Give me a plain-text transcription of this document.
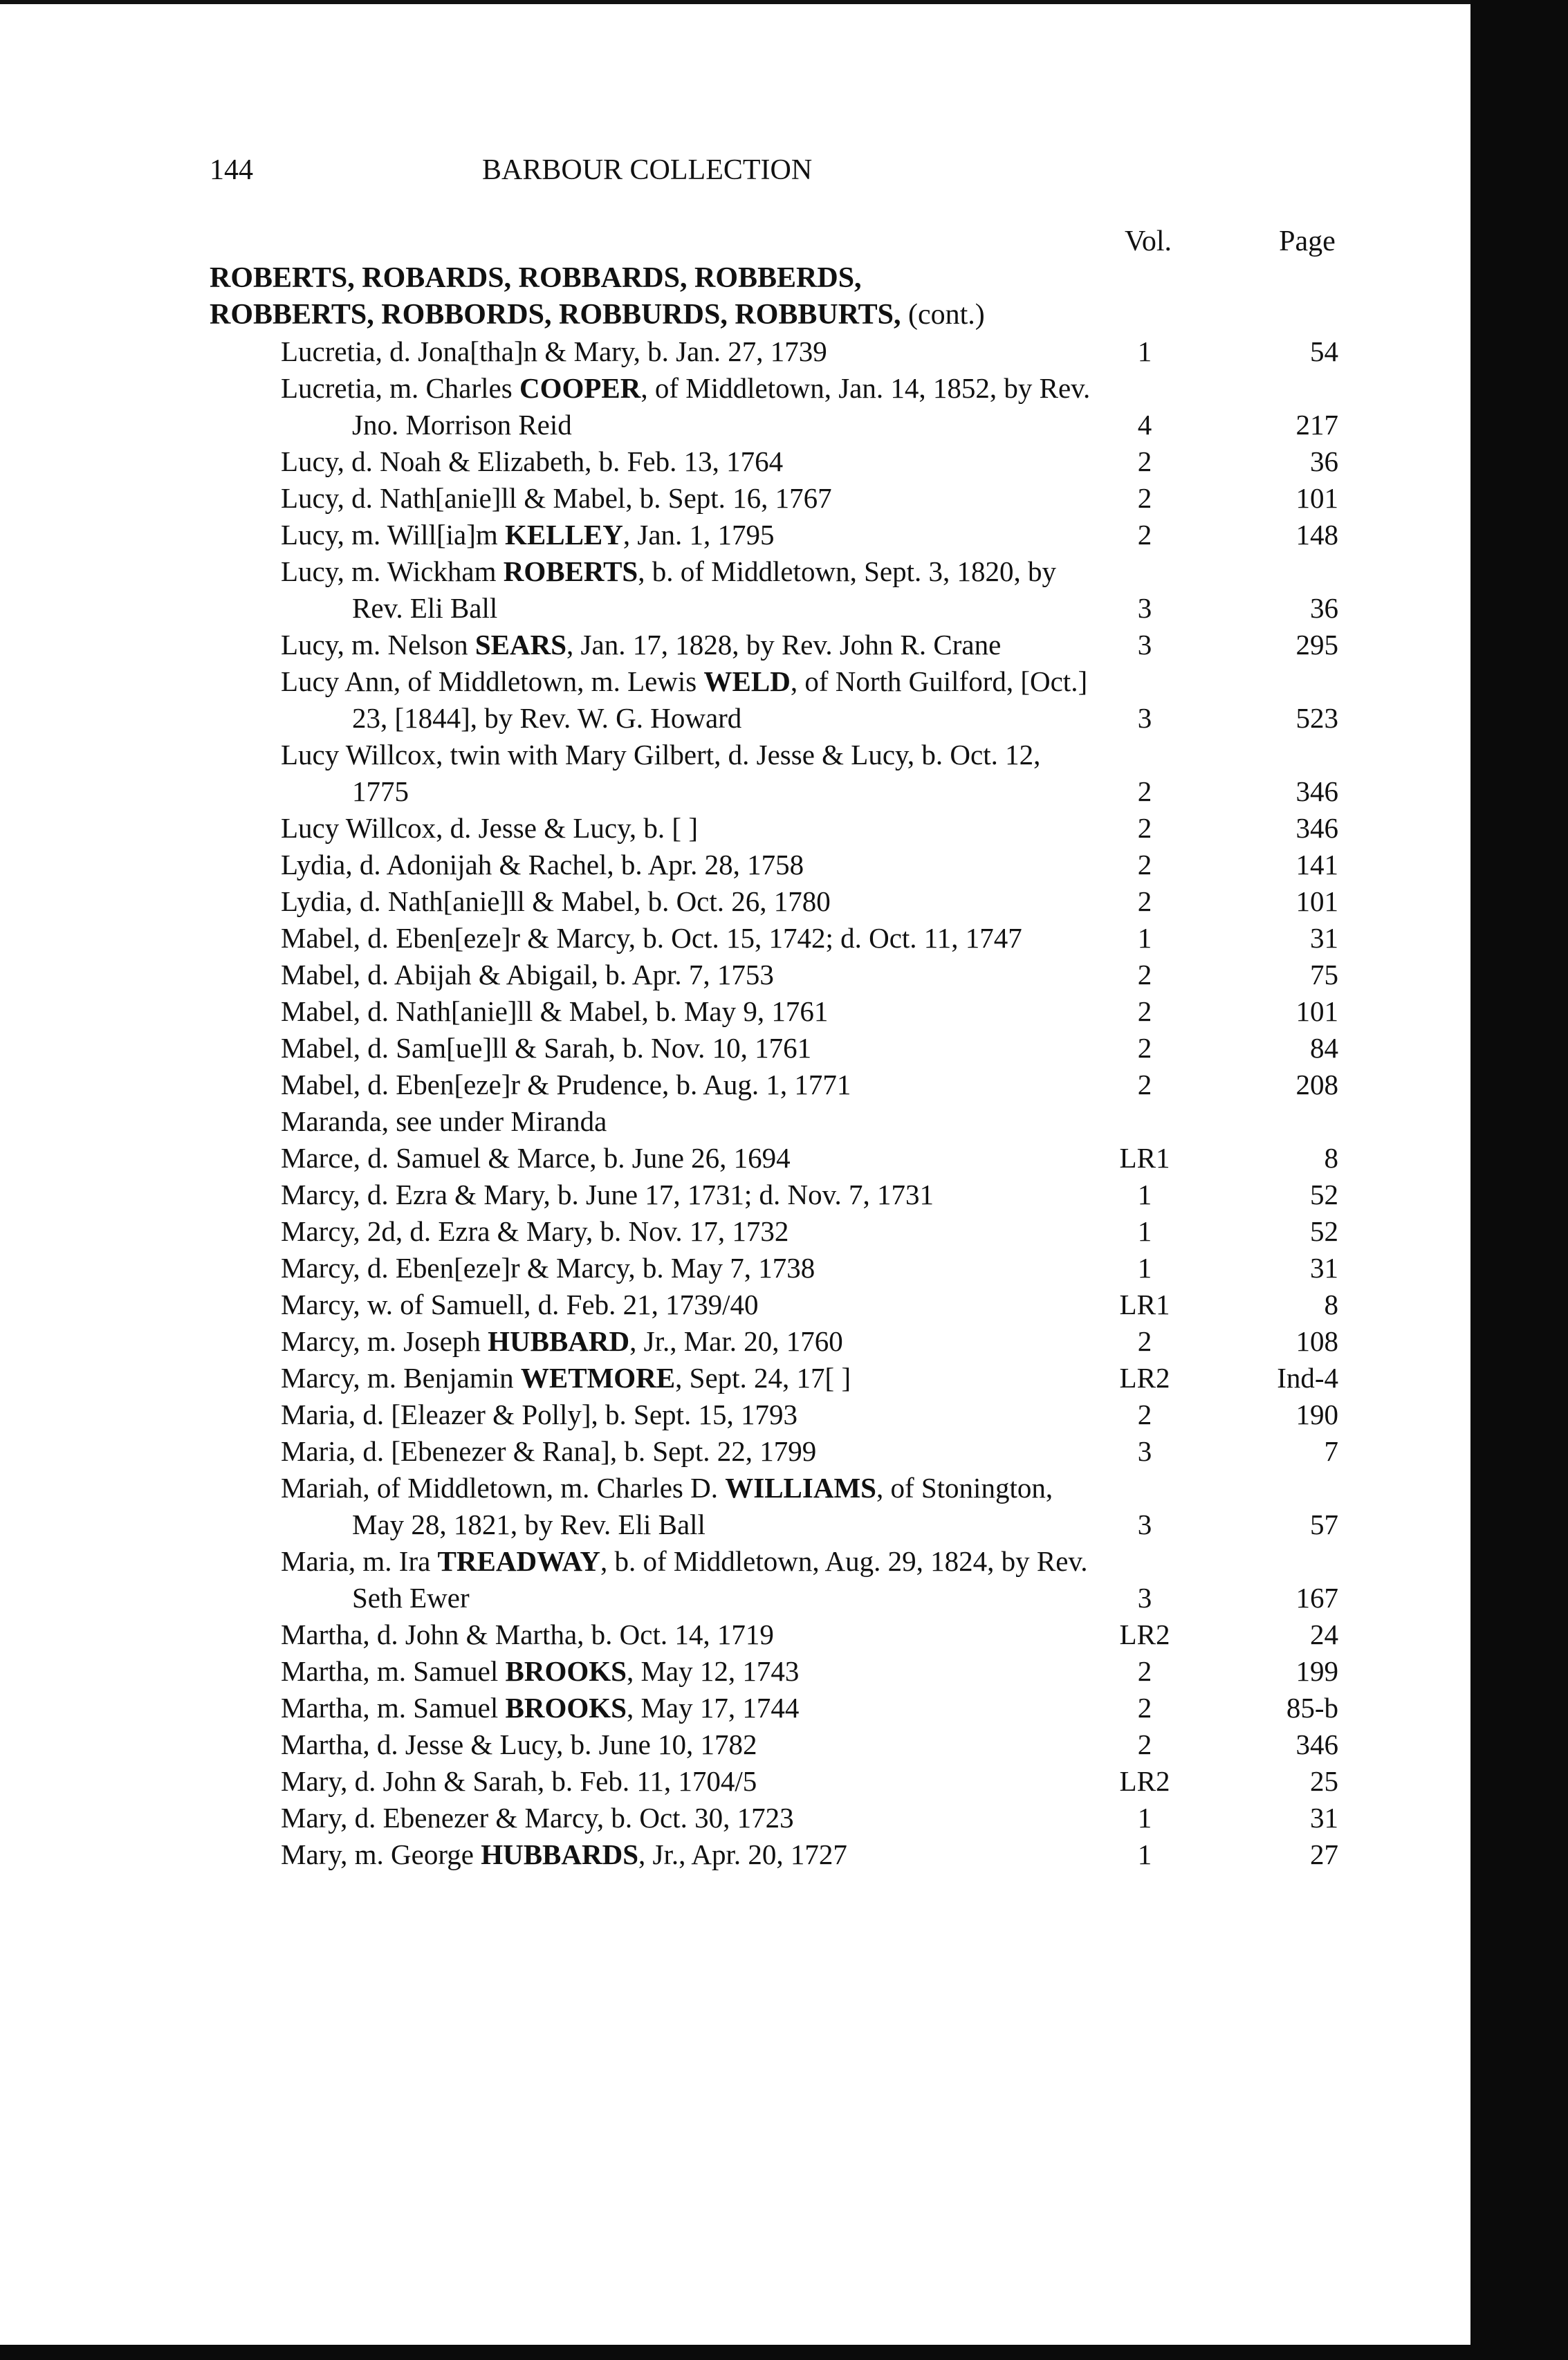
144	BARBOUR COLLECTION
Vol.	Page
ROBERTS, ROBARDS, ROBBARDS, ROBBERDS,
ROBBERTS, ROBBORDS, ROBBURDS, ROBBURTS, (cont.)
Lucretia, d. Jona[tha]n & Mary, b. Jan. 27, 1739	1	54
Lucretia, m. Charles COOPER, of Middletown, Jan. 14, 1852, by Rev. Jno. Morrison Reid	4	217
Lucy, d. Noah & Elizabeth, b. Feb. 13, 1764	2	36
Lucy, d. Nath[anie]ll & Mabel, b. Sept. 16, 1767	2	101
Lucy, m. Will[ia]m KELLEY, Jan. 1, 1795	2	148
Lucy, m. Wickham ROBERTS, b. of Middletown, Sept. 3, 1820, by Rev. Eli Ball	3	36
Lucy, m. Nelson SEARS, Jan. 17, 1828, by Rev. John R. Crane	3	295
Lucy Ann, of Middletown, m. Lewis WELD, of North Guilford, [Oct.] 23, [1844], by Rev. W. G. Howard	3	523
Lucy Willcox, twin with Mary Gilbert, d. Jesse & Lucy, b. Oct. 12, 1775	2	346
Lucy Willcox, d. Jesse & Lucy, b. [ ]	2	346
Lydia, d. Adonijah & Rachel, b. Apr. 28, 1758	2	141
Lydia, d. Nath[anie]ll & Mabel, b. Oct. 26, 1780	2	101
Mabel, d. Eben[eze]r & Marcy, b. Oct. 15, 1742; d. Oct. 11, 1747	1	31
Mabel, d. Abijah & Abigail, b. Apr. 7, 1753	2	75
Mabel, d. Nath[anie]ll & Mabel, b. May 9, 1761	2	101
Mabel, d. Sam[ue]ll & Sarah, b. Nov. 10, 1761	2	84
Mabel, d. Eben[eze]r & Prudence, b. Aug. 1, 1771	2	208
Maranda, see under Miranda
Marce, d. Samuel & Marce, b. June 26, 1694	LR1	8
Marcy, d. Ezra & Mary, b. June 17, 1731; d. Nov. 7, 1731	1	52
Marcy, 2d, d. Ezra & Mary, b. Nov. 17, 1732	1	52
Marcy, d. Eben[eze]r & Marcy, b. May 7, 1738	1	31
Marcy, w. of Samuell, d. Feb. 21, 1739/40	LR1	8
Marcy, m. Joseph HUBBARD, Jr., Mar. 20, 1760	2	108
Marcy, m. Benjamin WETMORE, Sept. 24, 17[ ]	LR2	Ind-4
Maria, d. [Eleazer & Polly], b. Sept. 15, 1793	2	190
Maria, d. [Ebenezer & Rana], b. Sept. 22, 1799	3	7
Mariah, of Middletown, m. Charles D. WILLIAMS, of Stonington, May 28, 1821, by Rev. Eli Ball	3	57
Maria, m. Ira TREADWAY, b. of Middletown, Aug. 29, 1824, by Rev. Seth Ewer	3	167
Martha, d. John & Martha, b. Oct. 14, 1719	LR2	24
Martha, m. Samuel BROOKS, May 12, 1743	2	199
Martha, m. Samuel BROOKS, May 17, 1744	2	85-b
Martha, d. Jesse & Lucy, b. June 10, 1782	2	346
Mary, d. John & Sarah, b. Feb. 11, 1704/5	LR2	25
Mary, d. Ebenezer & Marcy, b. Oct. 30, 1723	1	31
Mary, m. George HUBBARDS, Jr., Apr. 20, 1727	1	27
